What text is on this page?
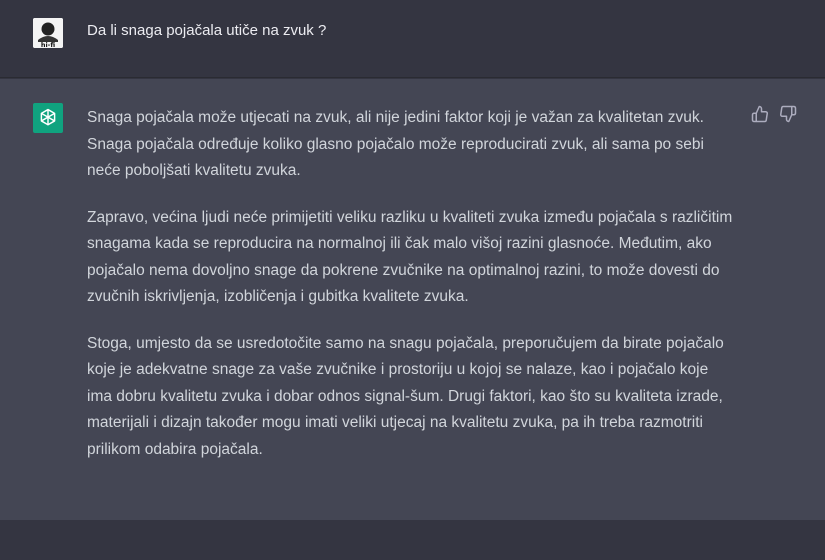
hi-fi
Da li snaga pojačala utiče na zvuk ?

Snaga pojačala može utjecati na zvuk, ali nije jedini faktor koji je važan za kvalitetan zvuk. Snaga pojačala određuje koliko glasno pojačalo može reproducirati zvuk, ali sama po sebi neće poboljšati kvalitetu zvuka.

Zapravo, većina ljudi neće primijetiti veliku razliku u kvaliteti zvuka između pojačala s različitim snagama kada se reproducira na normalnoj ili čak malo višoj razini glasnoće. Međutim, ako pojačalo nema dovoljno snage da pokrene zvučnike na optimalnoj razini, to može dovesti do zvučnih iskrivljenja, izobličenja i gubitka kvalitete zvuka.

Stoga, umjesto da se usredotočite samo na snagu pojačala, preporučujem da birate pojačalo koje je adekvatne snage za vaše zvučnike i prostoriju u kojoj se nalaze, kao i pojačalo koje ima dobru kvalitetu zvuka i dobar odnos signal-šum. Drugi faktori, kao što su kvaliteta izrade, materijali i dizajn također mogu imati veliki utjecaj na kvalitetu zvuka, pa ih treba razmotriti prilikom odabira pojačala.
